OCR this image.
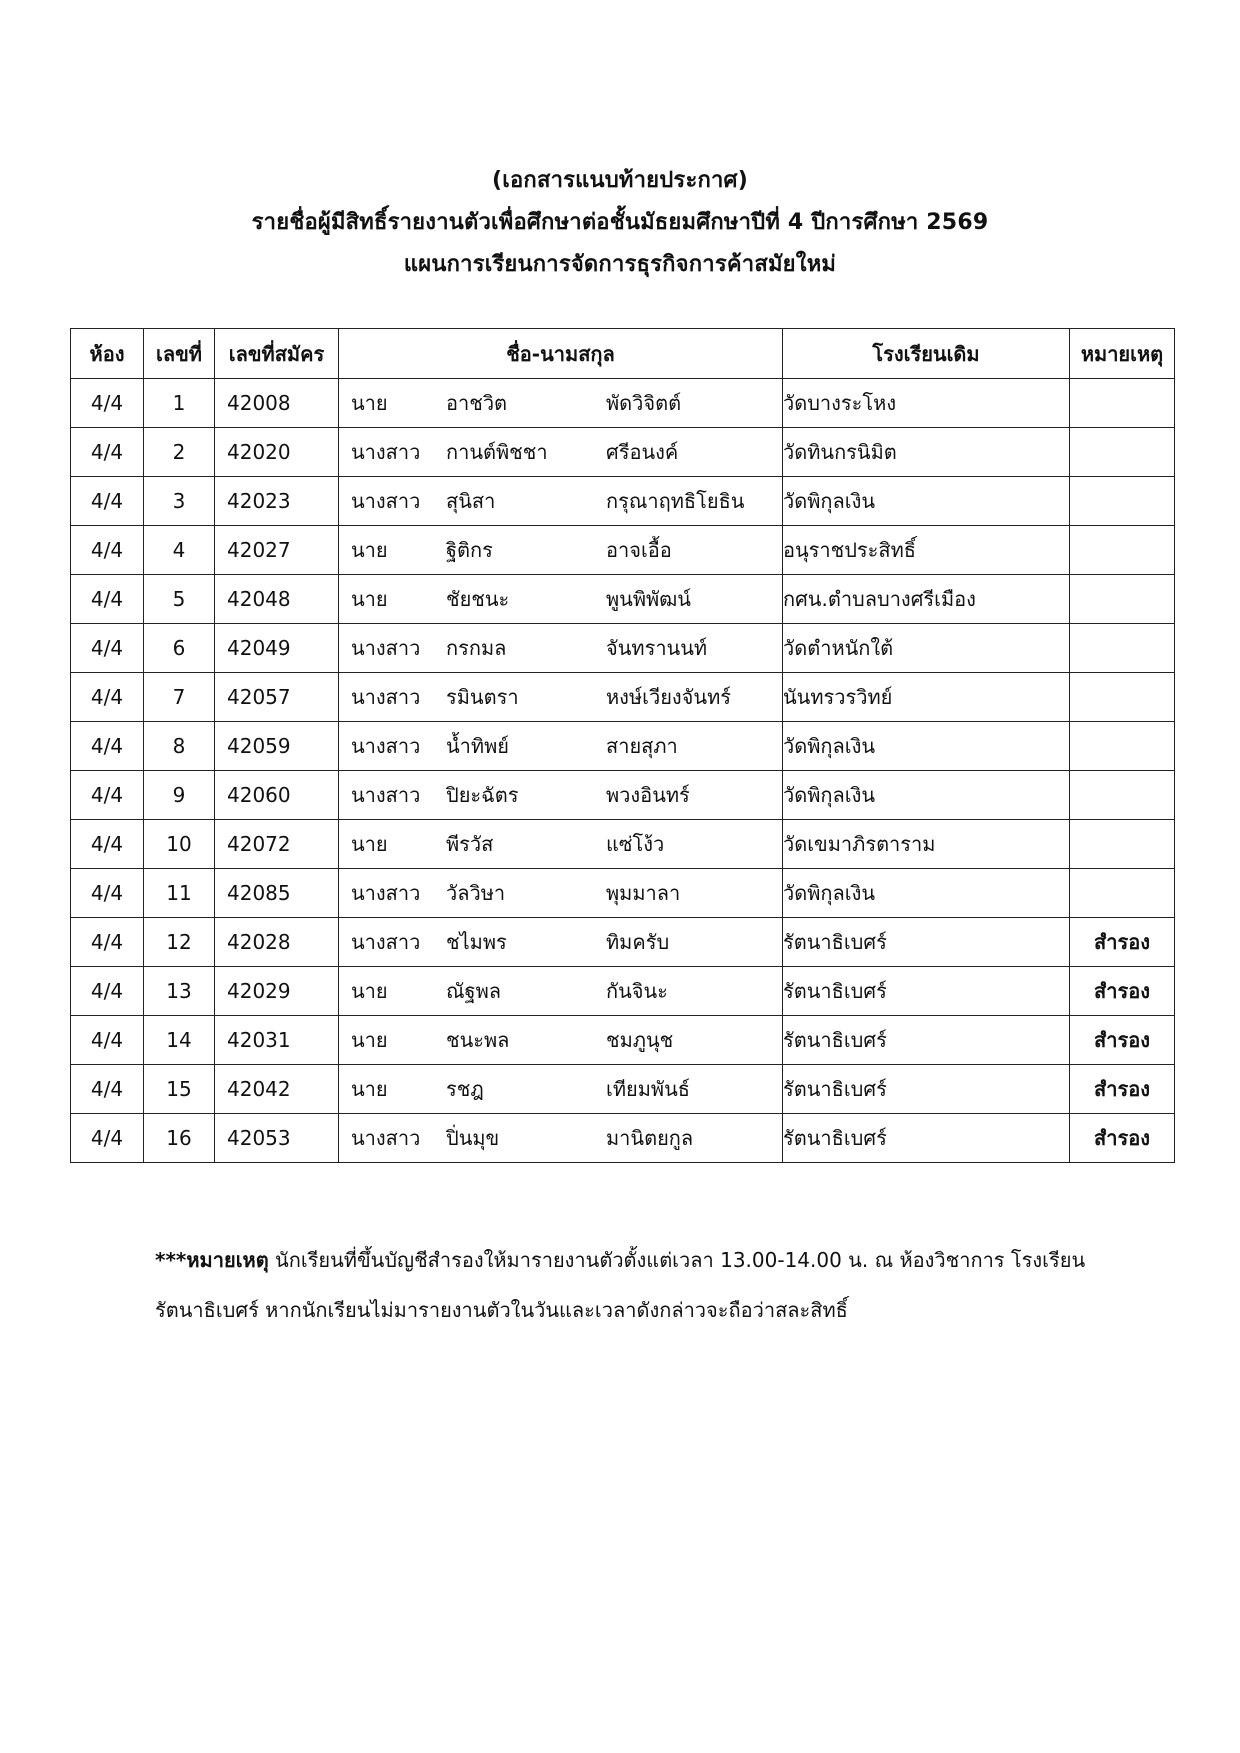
(เอกสารแนบท้ายประกาศ)
รายชื่อผู้มีสิทธิ์รายงานตัวเพื่อศึกษาต่อชั้นมัธยมศึกษาปีที่ 4 ปีการศึกษา 2569
แผนการเรียนการจัดการธุรกิจการค้าสมัยใหม่
ห้อง	เลขที่	เลขที่สมัคร	ชื่อ-นามสกุล	โรงเรียนเดิม	หมายเหตุ
4/4	1	42008	นาย อาชวิต พัดวิจิตต์	วัดบางระโหง	
4/4	2	42020	นางสาว กานต์พิชชา ศรีอนงค์	วัดทินกรนิมิต	
4/4	3	42023	นางสาว สุนิสา กรุณาฤทธิโยธิน	วัดพิกุลเงิน	
4/4	4	42027	นาย ฐิติกร อาจเอื้อ	อนุราชประสิทธิ์	
4/4	5	42048	นาย ชัยชนะ พูนพิพัฒน์	กศน.ตำบลบางศรีเมือง	
4/4	6	42049	นางสาว กรกมล จันทรานนท์	วัดตำหนักใต้	
4/4	7	42057	นางสาว รมินตรา หงษ์เวียงจันทร์	นันทรวรวิทย์	
4/4	8	42059	นางสาว น้ำทิพย์ สายสุภา	วัดพิกุลเงิน	
4/4	9	42060	นางสาว ปิยะฉัตร พวงอินทร์	วัดพิกุลเงิน	
4/4	10	42072	นาย พีรวัส แซ่โง้ว	วัดเขมาภิรตาราม	
4/4	11	42085	นางสาว วัลวิษา พุมมาลา	วัดพิกุลเงิน	
4/4	12	42028	นางสาว ชไมพร ทิมครับ	รัตนาธิเบศร์	สำรอง
4/4	13	42029	นาย ณัฐพล กันจินะ	รัตนาธิเบศร์	สำรอง
4/4	14	42031	นาย ชนะพล ชมภูนุช	รัตนาธิเบศร์	สำรอง
4/4	15	42042	นาย รชฎ เทียมพันธ์	รัตนาธิเบศร์	สำรอง
4/4	16	42053	นางสาว ปิ่นมุข มานิตยกูล	รัตนาธิเบศร์	สำรอง
***หมายเหตุ นักเรียนที่ขึ้นบัญชีสำรองให้มารายงานตัวตั้งแต่เวลา 13.00-14.00 น. ณ ห้องวิชาการ โรงเรียน
รัตนาธิเบศร์ หากนักเรียนไม่มารายงานตัวในวันและเวลาดังกล่าวจะถือว่าสละสิทธิ์
